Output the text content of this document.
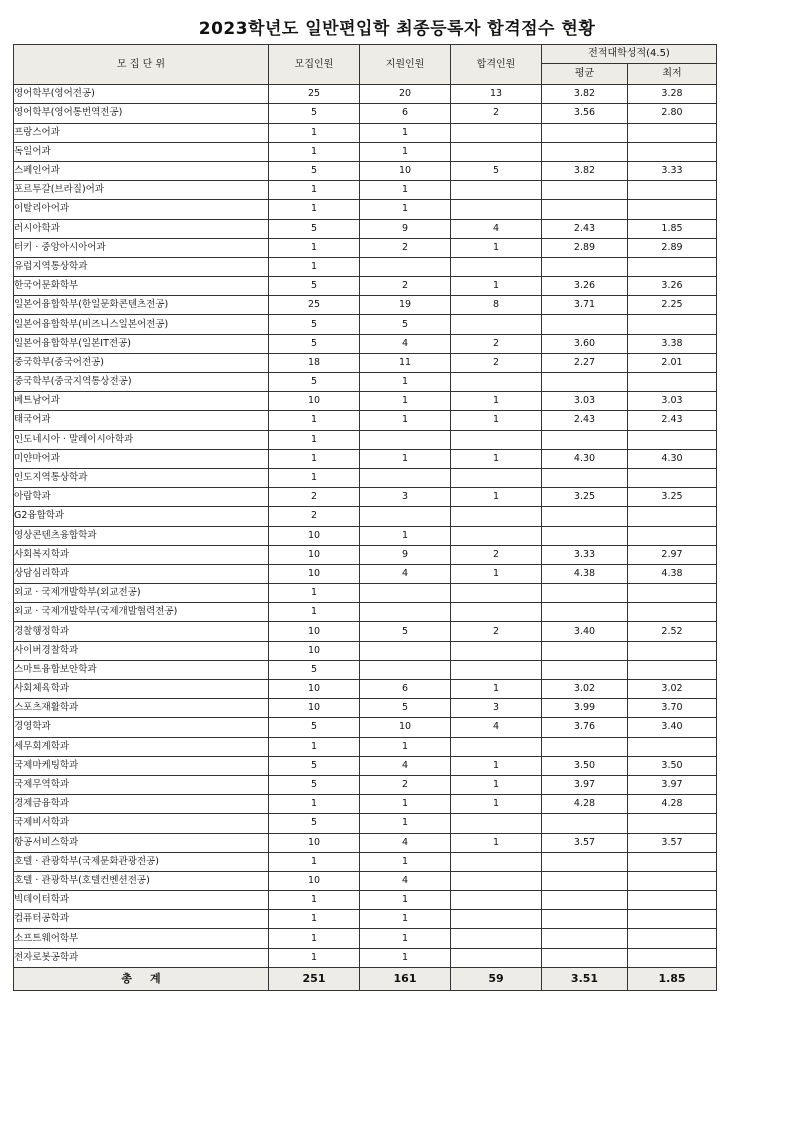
2023학년도 일반편입학 최종등록자 합격점수 현황
모 집 단 위	모집인원	지원인원	합격인원	전적대학성적(4.5)	
				평균	최저
영어학부(영어전공)	25	20	13	3.82	3.28
영어학부(영어통번역전공)	5	6	2	3.56	2.80
프랑스어과	1	1			
독일어과	1	1			
스페인어과	5	10	5	3.82	3.33
포르투갈(브라질)어과	1	1			
이탈리아어과	1	1			
러시아학과	5	9	4	2.43	1.85
터키 · 중앙아시아어과	1	2	1	2.89	2.89
유럽지역통상학과	1				
한국어문화학부	5	2	1	3.26	3.26
일본어융합학부(한일문화콘텐츠전공)	25	19	8	3.71	2.25
일본어융합학부(비즈니스일본어전공)	5	5			
일본어융합학부(일본IT전공)	5	4	2	3.60	3.38
중국학부(중국어전공)	18	11	2	2.27	2.01
중국학부(중국지역통상전공)	5	1			
베트남어과	10	1	1	3.03	3.03
태국어과	1	1	1	2.43	2.43
인도네시아 · 말레이시아학과	1				
미얀마어과	1	1	1	4.30	4.30
인도지역통상학과	1				
아랍학과	2	3	1	3.25	3.25
G2융합학과	2				
영상콘텐츠융합학과	10	1			
사회복지학과	10	9	2	3.33	2.97
상담심리학과	10	4	1	4.38	4.38
외교 · 국제개발학부(외교전공)	1				
외교 · 국제개발학부(국제개발협력전공)	1				
경찰행정학과	10	5	2	3.40	2.52
사이버경찰학과	10				
스마트융합보안학과	5				
사회체육학과	10	6	1	3.02	3.02
스포츠재활학과	10	5	3	3.99	3.70
경영학과	5	10	4	3.76	3.40
세무회계학과	1	1			
국제마케팅학과	5	4	1	3.50	3.50
국제무역학과	5	2	1	3.97	3.97
경제금융학과	1	1	1	4.28	4.28
국제비서학과	5	1			
항공서비스학과	10	4	1	3.57	3.57
호텔 · 관광학부(국제문화관광전공)	1	1			
호텔 · 관광학부(호텔컨벤션전공)	10	4			
빅데이터학과	1	1			
컴퓨터공학과	1	1			
소프트웨어학부	1	1			
전자로봇공학과	1	1			
총계	251	161	59	3.51	1.85
